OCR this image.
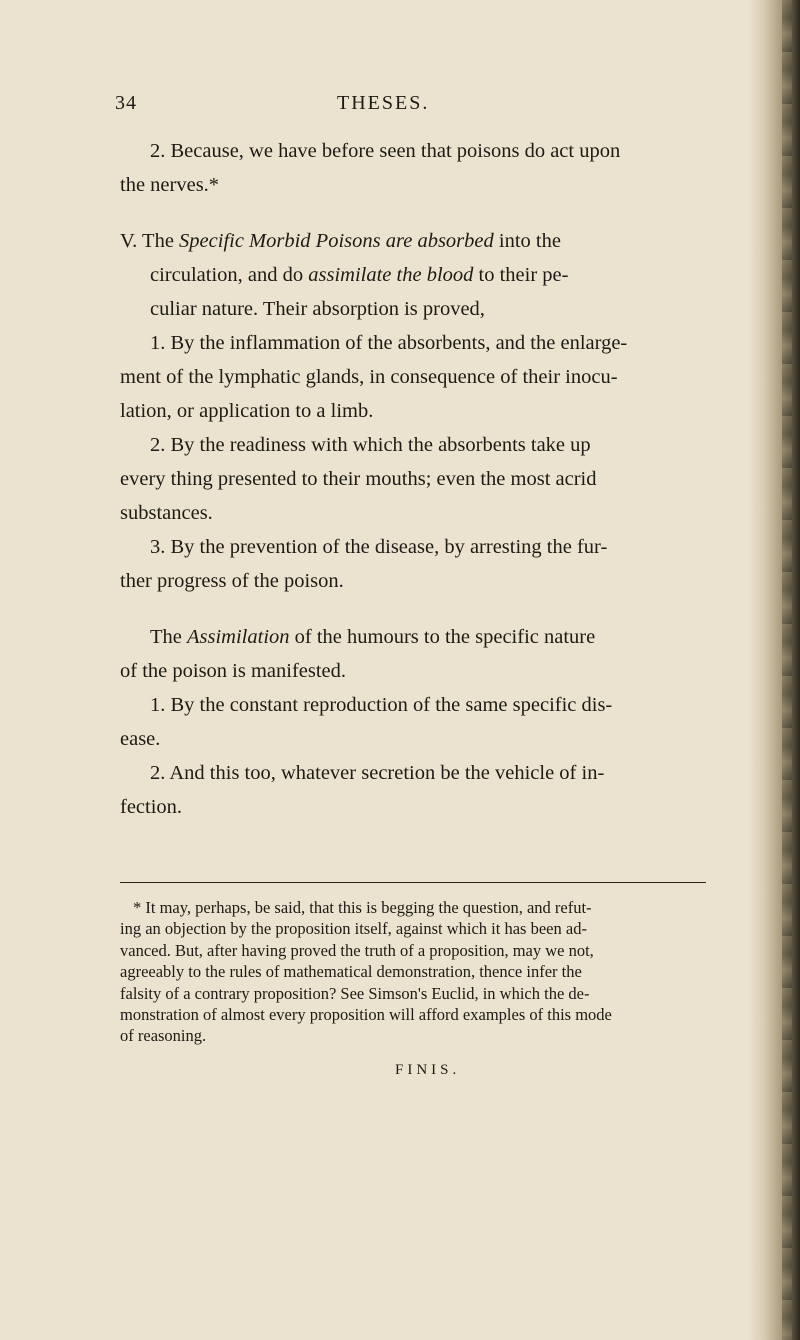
34	THESES.
2. Because, we have before seen that poisons do act upon
the nerves.*
V. The Specific Morbid Poisons are absorbed into the
circulation, and do assimilate the blood to their pe-
culiar nature. Their absorption is proved,
1. By the inflammation of the absorbents, and the enlarge-
ment of the lymphatic glands, in consequence of their inocu-
lation, or application to a limb.
2. By the readiness with which the absorbents take up
every thing presented to their mouths; even the most acrid
substances.
3. By the prevention of the disease, by arresting the fur-
ther progress of the poison.
The Assimilation of the humours to the specific nature
of the poison is manifested.
1. By the constant reproduction of the same specific dis-
ease.
2. And this too, whatever secretion be the vehicle of in-
fection.
* It may, perhaps, be said, that this is begging the question, and refut-
ing an objection by the proposition itself, against which it has been ad-
vanced. But, after having proved the truth of a proposition, may we not,
agreeably to the rules of mathematical demonstration, thence infer the
falsity of a contrary proposition? See Simson's Euclid, in which the de-
monstration of almost every proposition will afford examples of this mode
of reasoning.
FINIS.
